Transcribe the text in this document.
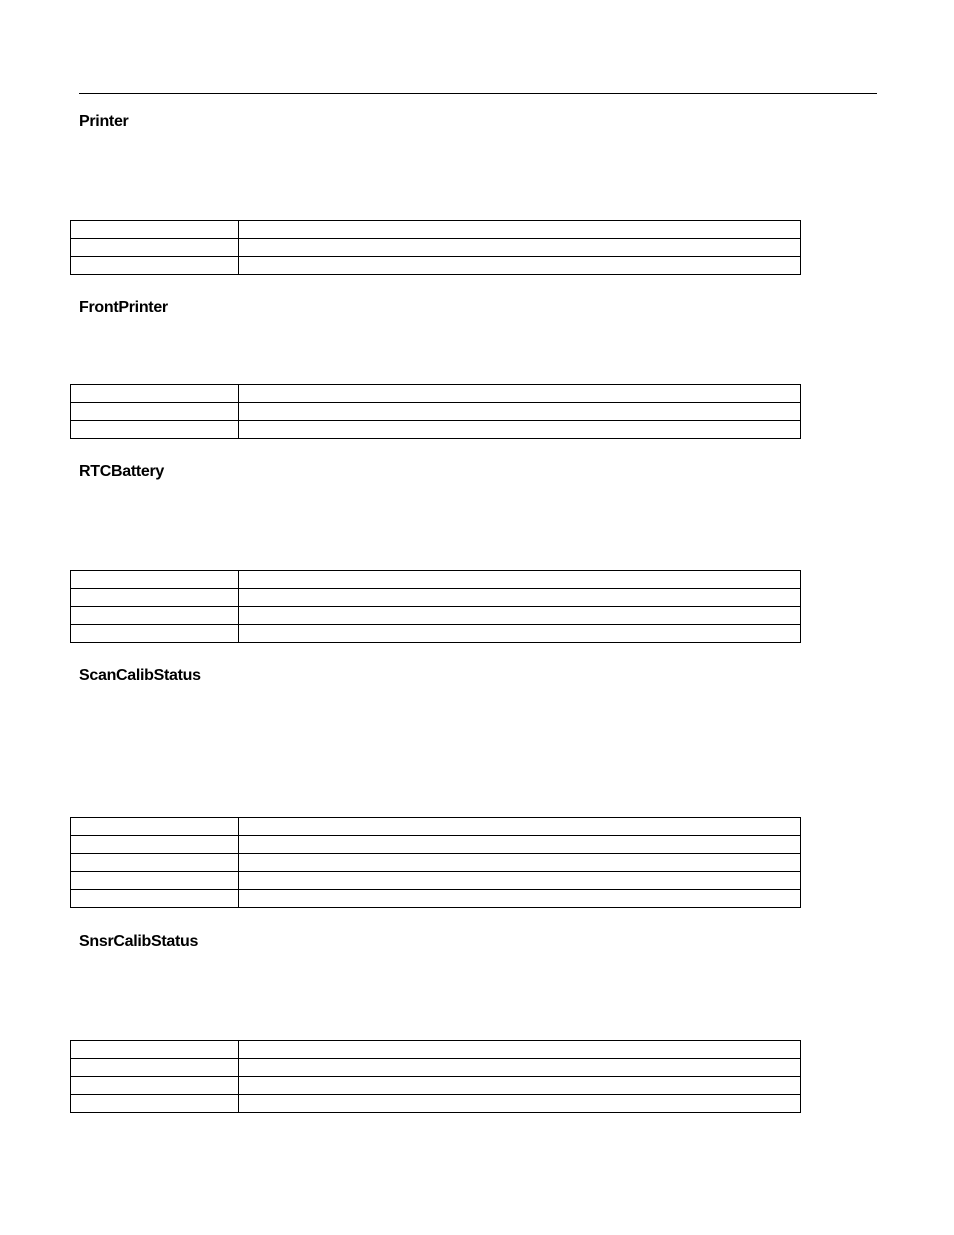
Printer

FrontPrinter

RTCBattery

ScanCalibStatus

SnsrCalibStatus
